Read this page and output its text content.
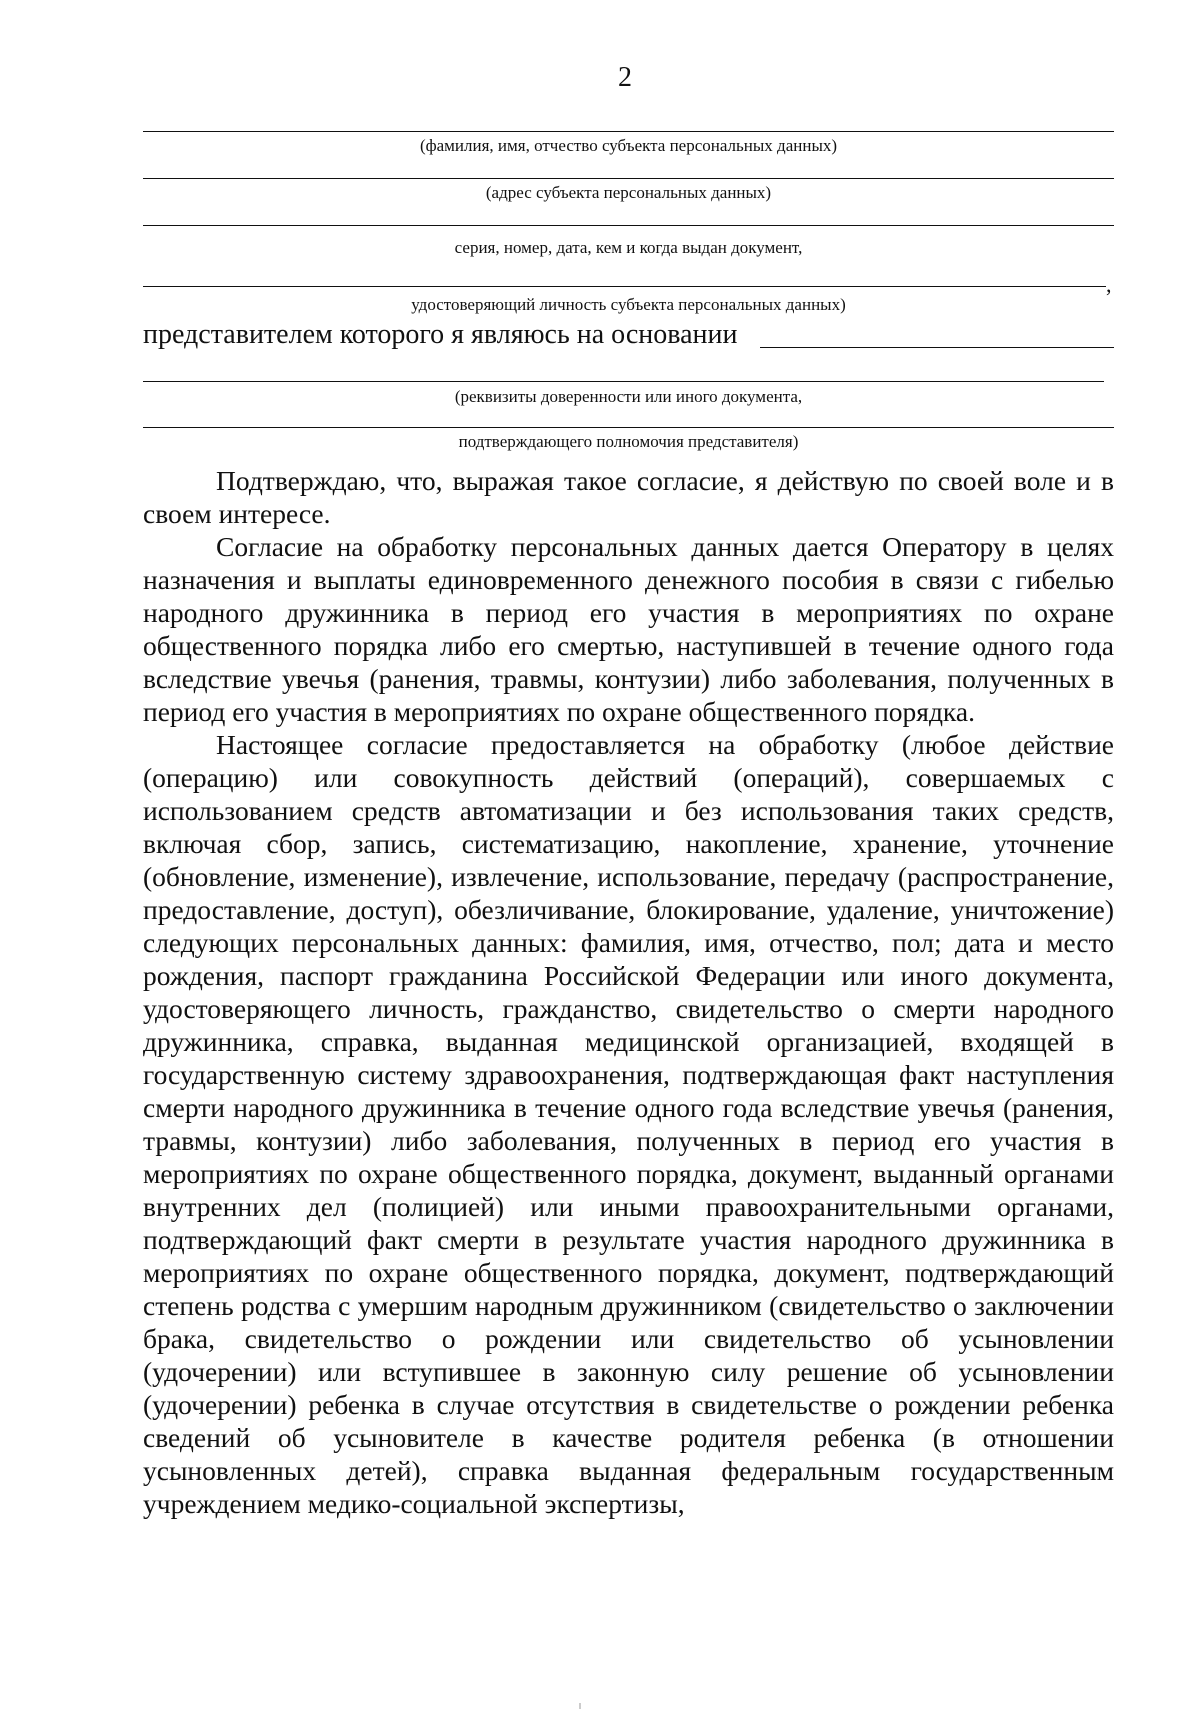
2
(фамилия, имя, отчество субъекта персональных данных)
(адрес субъекта персональных данных)
серия, номер, дата, кем и когда выдан документ,
,
удостоверяющий личность субъекта персональных данных)
представителем которого я являюсь на основании
(реквизиты доверенности или иного документа,
подтверждающего полномочия представителя)

Подтверждаю, что, выражая такое согласие, я действую по своей воле и в своем интересе.

Согласие на обработку персональных данных дается Оператору в целях назначения и выплаты единовременного денежного пособия в связи с гибелью народного дружинника в период его участия в мероприятиях по охране общественного порядка либо его смертью, наступившей в течение одного года вследствие увечья (ранения, травмы, контузии) либо заболевания, полученных в период его участия в мероприятиях по охране общественного порядка.

Настоящее согласие предоставляется на обработку (любое действие (операцию) или совокупность действий (операций), совершаемых с использованием средств автоматизации и без использования таких средств, включая сбор, запись, систематизацию, накопление, хранение, уточнение (обновление, изменение), извлечение, использование, передачу (распространение, предоставление, доступ), обезличивание, блокирование, удаление, уничтожение) следующих персональных данных: фамилия, имя, отчество, пол; дата и место рождения, паспорт гражданина Российской Федерации или иного документа, удостоверяющего личность, гражданство, свидетельство о смерти народного дружинника, справка, выданная медицинской организацией, входящей в государственную систему здравоохранения, подтверждающая факт наступления смерти народного дружинника в течение одного года вследствие увечья (ранения, травмы, контузии) либо заболевания, полученных в период его участия в мероприятиях по охране общественного порядка, документ, выданный органами внутренних дел (полицией) или иными правоохранительными органами, подтверждающий факт смерти в результате участия народного дружинника в мероприятиях по охране общественного порядка, документ, подтверждающий степень родства с умершим народным дружинником (свидетельство о заключении брака, свидетельство о рождении или свидетельство об усыновлении (удочерении) или вступившее в законную силу решение об усыновлении (удочерении) ребенка в случае отсутствия в свидетельстве о рождении ребенка сведений об усыновителе в качестве родителя ребенка (в отношении усыновленных детей), справка выданная федеральным государственным учреждением медико-социальной экспертизы,
